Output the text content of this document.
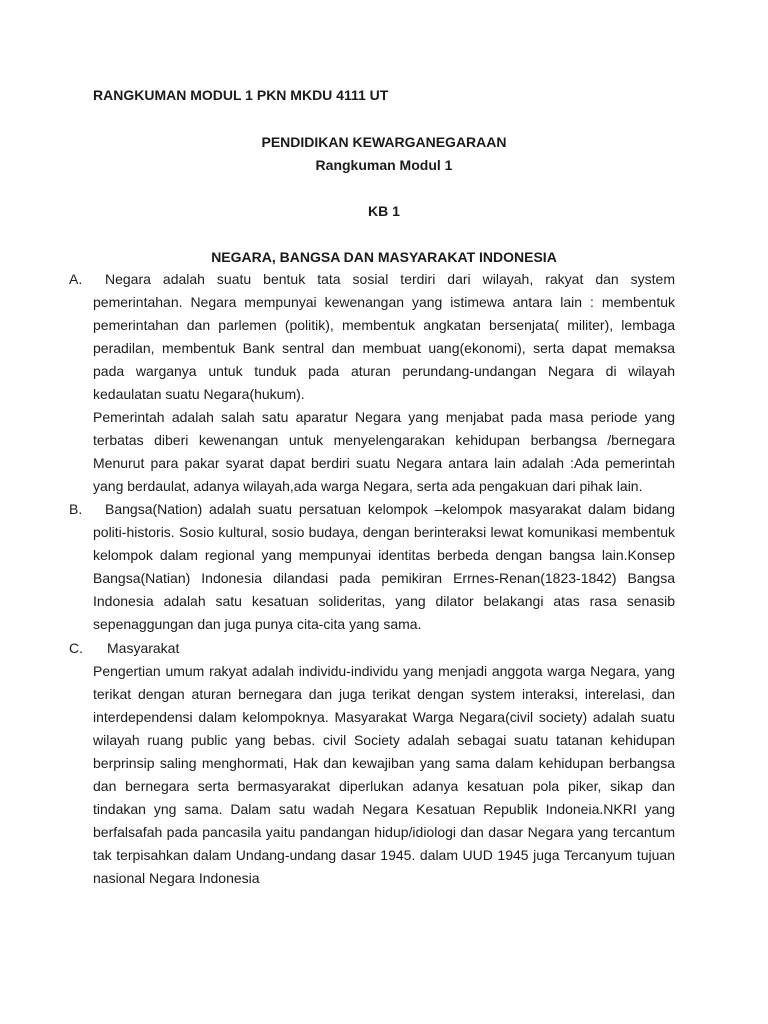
RANGKUMAN MODUL 1 PKN MKDU 4111 UT
PENDIDIKAN KEWARGANEGARAAN
Rangkuman Modul 1
KB 1
NEGARA, BANGSA DAN MASYARAKAT INDONESIA
A.	Negara adalah suatu bentuk tata sosial terdiri dari wilayah, rakyat dan system pemerintahan. Negara mempunyai kewenangan yang istimewa antara lain : membentuk pemerintahan dan parlemen (politik), membentuk angkatan bersenjata( militer), lembaga peradilan, membentuk Bank sentral dan membuat uang(ekonomi), serta dapat memaksa pada warganya untuk tunduk pada aturan perundang-undangan Negara di wilayah kedaulatan suatu Negara(hukum).

Pemerintah adalah salah satu aparatur Negara yang menjabat pada masa periode yang terbatas diberi kewenangan untuk menyelengarakan kehidupan berbangsa /bernegara Menurut para pakar syarat dapat berdiri suatu Negara antara lain adalah :Ada pemerintah yang berdaulat, adanya wilayah,ada warga Negara, serta ada pengakuan dari pihak lain.

B.	Bangsa(Nation) adalah suatu persatuan kelompok –kelompok masyarakat dalam bidang politi-historis. Sosio kultural, sosio budaya, dengan berinteraksi lewat komunikasi membentuk kelompok dalam regional yang mempunyai identitas berbeda dengan bangsa lain.Konsep Bangsa(Natian) Indonesia dilandasi pada pemikiran Errnes-Renan(1823-1842) Bangsa Indonesia adalah satu kesatuan solideritas, yang dilator belakangi atas rasa senasib sepenaggungan dan juga punya cita-cita yang sama.

C.	Masyarakat

Pengertian umum rakyat adalah individu-individu yang menjadi anggota warga Negara, yang terikat dengan aturan bernegara dan juga terikat dengan system interaksi, interelasi, dan interdependensi dalam kelompoknya. Masyarakat Warga Negara(civil society) adalah suatu wilayah ruang public yang bebas. civil Society adalah sebagai suatu tatanan kehidupan berprinsip saling menghormati, Hak dan kewajiban yang sama dalam kehidupan berbangsa dan bernegara serta bermasyarakat diperlukan adanya kesatuan pola piker, sikap dan tindakan yng sama. Dalam satu wadah Negara Kesatuan Republik Indoneia.NKRI yang berfalsafah pada pancasila yaitu pandangan hidup/idiologi dan dasar Negara yang tercantum tak terpisahkan dalam Undang-undang dasar 1945. dalam UUD 1945 juga Tercanyum tujuan nasional Negara Indonesia
